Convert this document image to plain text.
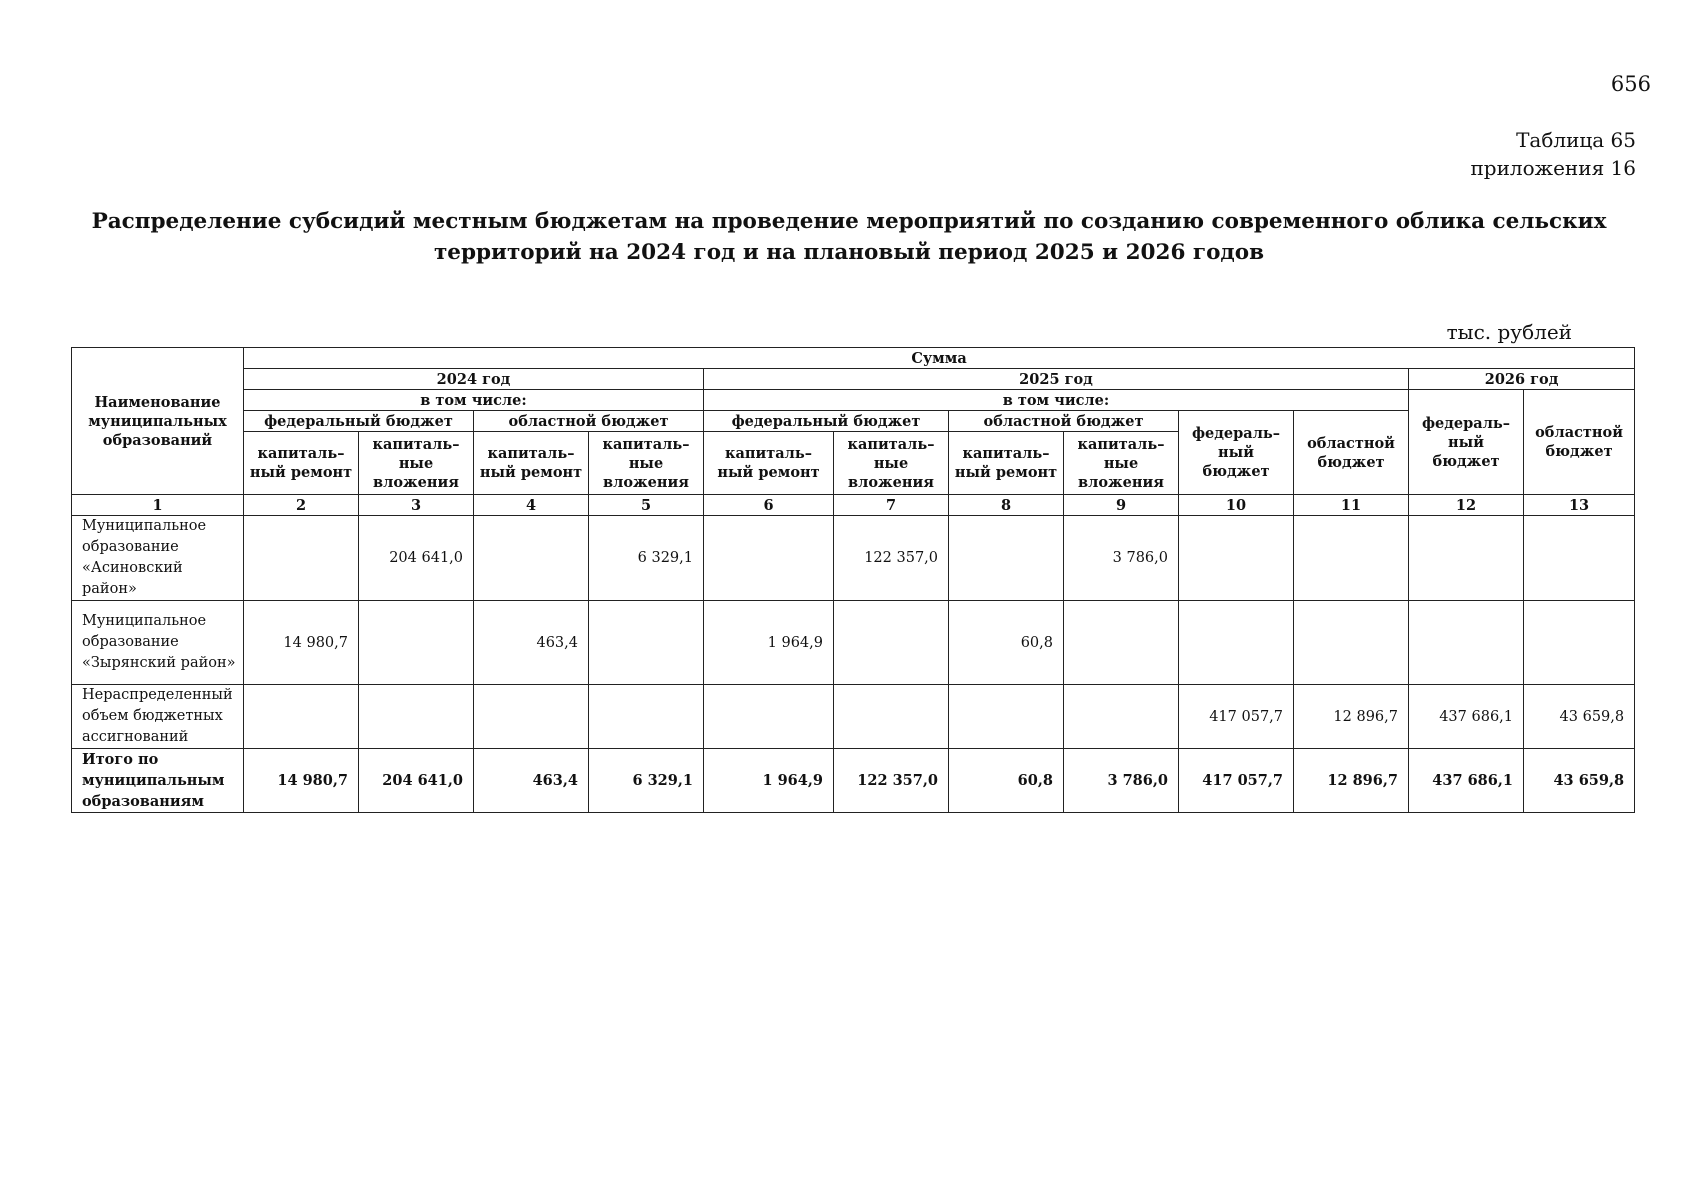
656
Таблица 65
приложения 16
Распределение субсидий местным бюджетам на проведение мероприятий по созданию современного облика сельских территорий на 2024 год и на плановый период 2025 и 2026 годов
тыс. рублей
Наименование муниципальных образований	Сумма											
	2024 год				2025 год						2026 год	
	в том числе:				в том числе:						федераль–ный бюджет	областной бюджет
	федеральный бюджет		областной бюджет		федеральный бюджет		областной бюджет		федераль–ный бюджет	областной бюджет		
	капиталь–ный ремонт	капиталь–ные вложения	капиталь–ный ремонт	капиталь–ные вложения	капиталь–ный ремонт	капиталь–ные вложения	капиталь–ный ремонт	капиталь–ные вложения				
1	2	3	4	5	6	7	8	9	10	11	12	13
Муниципальное образование «Асиновский район»		204 641,0		6 329,1		122 357,0		3 786,0				
Муниципальное образование «Зырянский район»	14 980,7		463,4		1 964,9		60,8					
Нераспределенный объем бюджетных ассигнований									417 057,7	12 896,7	437 686,1	43 659,8
Итого по муниципальным образованиям	14 980,7	204 641,0	463,4	6 329,1	1 964,9	122 357,0	60,8	3 786,0	417 057,7	12 896,7	437 686,1	43 659,8
